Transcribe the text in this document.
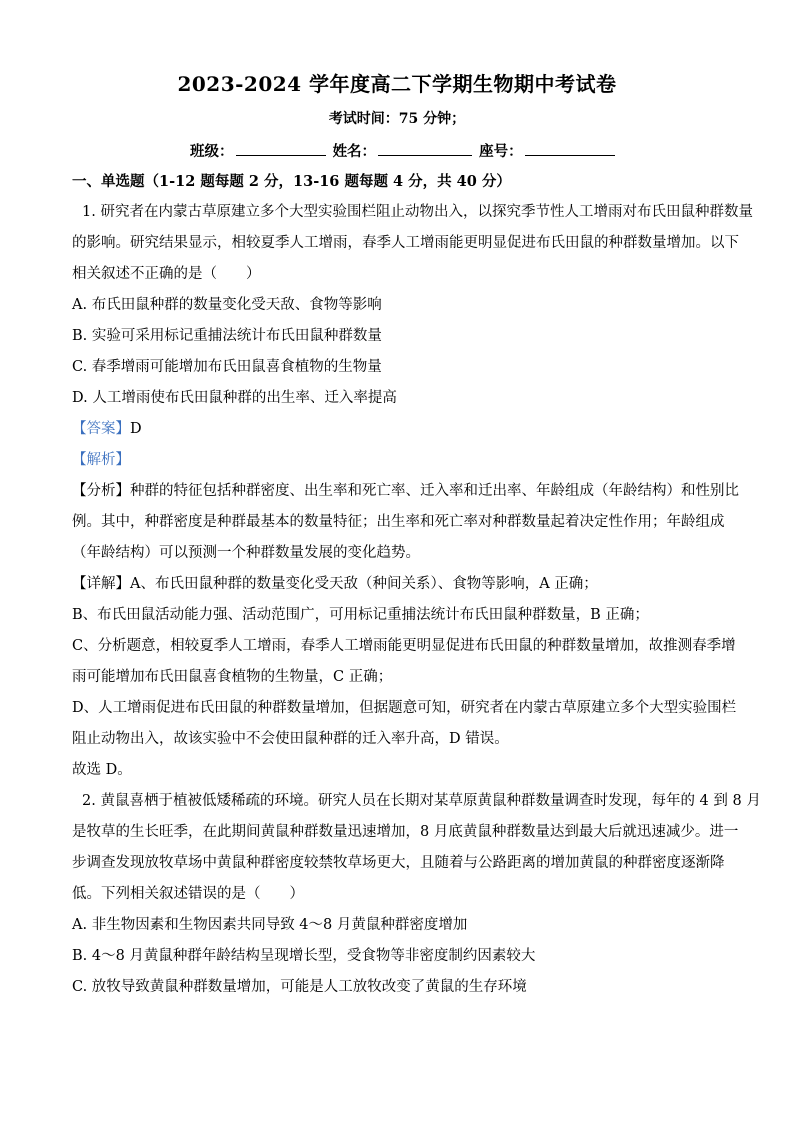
2023-2024 学年度高二下学期生物期中考试卷
考试时间：75 分钟；
班级：	姓名：	座号：
一、单选题（1-12 题每题 2 分，13-16 题每题 4 分，共 40 分）
1. 研究者在内蒙古草原建立多个大型实验围栏阻止动物出入，以探究季节性人工增雨对布氏田鼠种群数量
的影响。研究结果显示，相较夏季人工增雨，春季人工增雨能更明显促进布氏田鼠的种群数量增加。以下
相关叙述不正确的是（　　）
A. 布氏田鼠种群的数量变化受天敌、食物等影响
B. 实验可采用标记重捕法统计布氏田鼠种群数量
C. 春季增雨可能增加布氏田鼠喜食植物的生物量
D. 人工增雨使布氏田鼠种群的出生率、迁入率提高
【答案】D
【解析】
【分析】种群的特征包括种群密度、出生率和死亡率、迁入率和迁出率、年龄组成（年龄结构）和性别比
例。其中，种群密度是种群最基本的数量特征；出生率和死亡率对种群数量起着决定性作用；年龄组成
（年龄结构）可以预测一个种群数量发展的变化趋势。
【详解】A、布氏田鼠种群的数量变化受天敌（种间关系）、食物等影响，A 正确；
B、布氏田鼠活动能力强、活动范围广，可用标记重捕法统计布氏田鼠种群数量，B 正确；
C、分析题意，相较夏季人工增雨，春季人工增雨能更明显促进布氏田鼠的种群数量增加，故推测春季增
雨可能增加布氏田鼠喜食植物的生物量，C 正确；
D、人工增雨促进布氏田鼠的种群数量增加，但据题意可知，研究者在内蒙古草原建立多个大型实验围栏
阻止动物出入，故该实验中不会使田鼠种群的迁入率升高，D 错误。
故选 D。
2. 黄鼠喜栖于植被低矮稀疏的环境。研究人员在长期对某草原黄鼠种群数量调查时发现，每年的 4 到 8 月
是牧草的生长旺季，在此期间黄鼠种群数量迅速增加，8 月底黄鼠种群数量达到最大后就迅速减少。进一
步调查发现放牧草场中黄鼠种群密度较禁牧草场更大，且随着与公路距离的增加黄鼠的种群密度逐渐降
低。下列相关叙述错误的是（　　）
A. 非生物因素和生物因素共同导致 4～8 月黄鼠种群密度增加
B. 4～8 月黄鼠种群年龄结构呈现增长型，受食物等非密度制约因素较大
C. 放牧导致黄鼠种群数量增加，可能是人工放牧改变了黄鼠的生存环境
